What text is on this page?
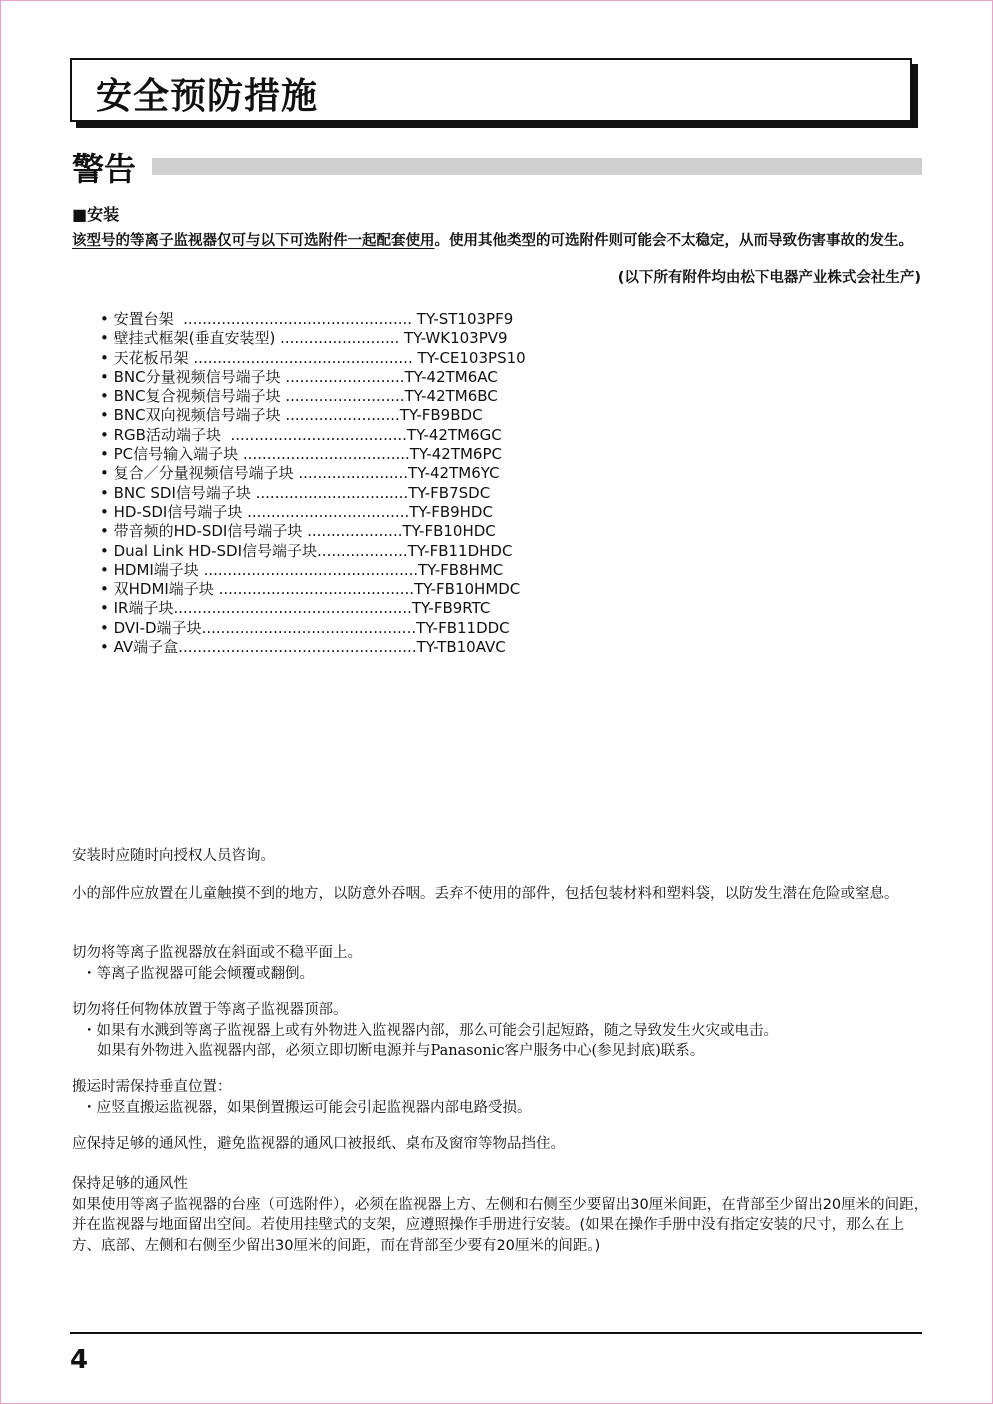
安全预防措施
警告
■安装
该型号的等离子监视器仅可与以下可选附件一起配套使用。使用其他类型的可选附件则可能会不太稳定，从而导致伤害事故的发生。
(以下所有附件均由松下电器产业株式会社生产)
• 安置台架  ................................................ TY-ST103PF9
• 壁挂式框架(垂直安装型) ......................... TY-WK103PV9
• 天花板吊架 .............................................. TY-CE103PS10
• BNC分量视频信号端子块 .........................TY-42TM6AC
• BNC复合视频信号端子块 .........................TY-42TM6BC
• BNC双向视频信号端子块 ........................TY-FB9BDC
• RGB活动端子块  .....................................TY-42TM6GC
• PC信号输入端子块 ...................................TY-42TM6PC
• 复合／分量视频信号端子块 .......................TY-42TM6YC
• BNC SDI信号端子块 ................................TY-FB7SDC
• HD-SDI信号端子块 ..................................TY-FB9HDC
• 带音频的HD-SDI信号端子块 ....................TY-FB10HDC
• Dual Link HD-SDI信号端子块...................TY-FB11DHDC
• HDMI端子块 .............................................TY-FB8HMC
• 双HDMI端子块 .........................................TY-FB10HMDC
• IR端子块..................................................TY-FB9RTC
• DVI-D端子块.............................................TY-FB11DDC
• AV端子盒..................................................TY-TB10AVC
安装时应随时向授权人员咨询。
小的部件应放置在儿童触摸不到的地方，以防意外吞咽。丢弃不使用的部件，包括包装材料和塑料袋，以防发生潜在危险或窒息。
切勿将等离子监视器放在斜面或不稳平面上。
・等离子监视器可能会倾覆或翻倒。
切勿将任何物体放置于等离子监视器顶部。
・如果有水溅到等离子监视器上或有外物进入监视器内部，那么可能会引起短路，随之导致发生火灾或电击。
如果有外物进入监视器内部，必须立即切断电源并与Panasonic客户服务中心(参见封底)联系。
搬运时需保持垂直位置：
・应竖直搬运监视器，如果倒置搬运可能会引起监视器内部电路受损。
应保持足够的通风性，避免监视器的通风口被报纸、桌布及窗帘等物品挡住。
保持足够的通风性
如果使用等离子监视器的台座（可选附件），必须在监视器上方、左侧和右侧至少要留出30厘米间距，在背部至少留出20厘米的间距，并在监视器与地面留出空间。若使用挂壁式的支架，应遵照操作手册进行安装。(如果在操作手册中没有指定安装的尺寸，那么在上方、底部、左侧和右侧至少留出30厘米的间距，而在背部至少要有20厘米的间距。)
4
